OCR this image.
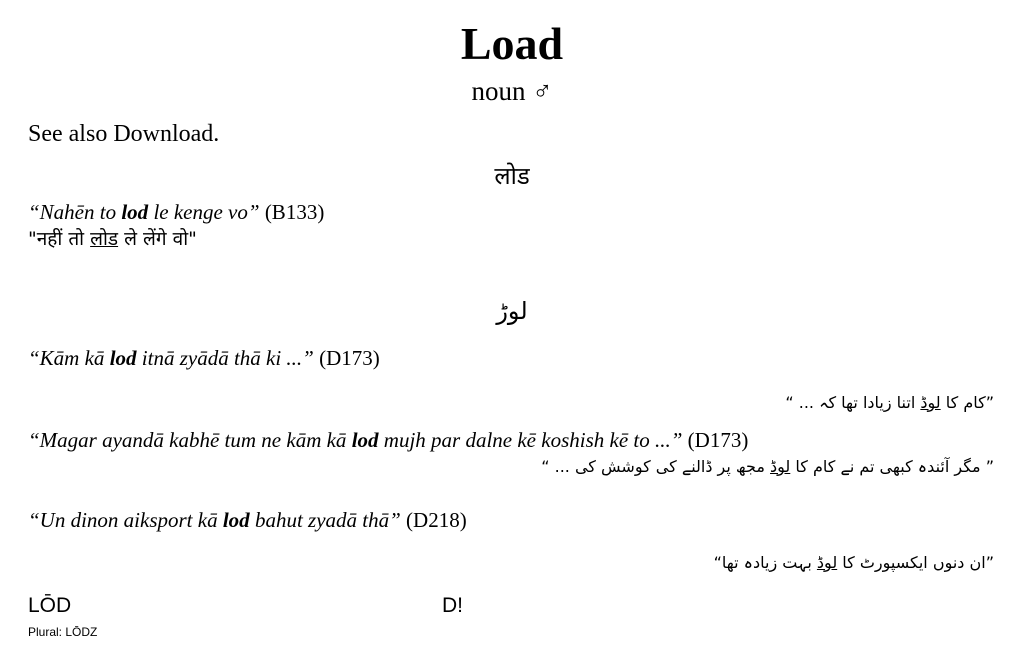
Load
noun ♂
See also Download.
लोड
“Nahēn to lod le kenge vo” (B133)
"नहीं तो लोड ले लेंगे वो"
لوڑ
“Kām kā lod itnā zyādā thā ki ...” (D173)
”کام کا لوڈ اتنا زیادا تھا کہ ... “
“Magar ayandā kabhē tum ne kām kā lod mujh par dalne kē koshish kē to ...” (D173)
” مگر آئندہ کبھی تم نے کام کا لوڈ مجھ پر ڈالنے کی کوشش کی ... “
“Un dinon aiksport kā lod bahut zyadā thā” (D218)
”ان دنوں ایکسپورٹ کا لوڈ بہت زیادہ تھا“
LŌD	D!
Plural: LŌDZ
